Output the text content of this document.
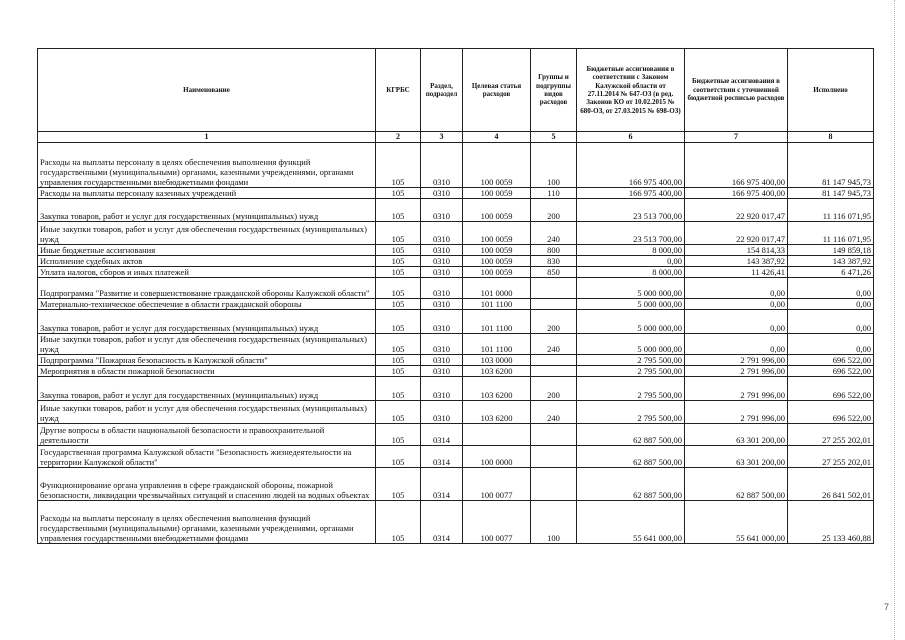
Наименование	КГРБС	Раздел, подраздел	Целевая статья расходов	Группы и подгруппы видов расходов	Бюджетные ассигнования в соответствии с Законом Калужской области от 27.11.2014 № 647-ОЗ (в ред. Законов КО от 10.02.2015 № 680-ОЗ, от 27.03.2015 № 698-ОЗ)	Бюджетные ассигнования в соответствии с уточненной бюджетной росписью расходов	Исполнено
1	2	3	4	5	6	7	8
Расходы на выплаты персоналу в целях обеспечения выполнения функций государственными (муниципальными) органами, казенными учреждениями, органами управления государственными внебюджетными фондами	105	0310	100 0059	100	166 975 400,00	166 975 400,00	81 147 945,73
Расходы на выплаты персоналу казенных учреждений	105	0310	100 0059	110	166 975 400,00	166 975 400,00	81 147 945,73
Закупка товаров, работ и услуг для государственных (муниципальных) нужд	105	0310	100 0059	200	23 513 700,00	22 920 017,47	11 116 071,95
Иные закупки товаров, работ и услуг для обеспечения государственных (муниципальных) нужд	105	0310	100 0059	240	23 513 700,00	22 920 017,47	11 116 071,95
Иные бюджетные ассигнования	105	0310	100 0059	800	8 000,00	154 814,33	149 859,18
Исполнение судебных актов	105	0310	100 0059	830	0,00	143 387,92	143 387,92
Уплата налогов, сборов и иных платежей	105	0310	100 0059	850	8 000,00	11 426,41	6 471,26
Подпрограмма "Развитие и совершенствование гражданской обороны Калужской области"	105	0310	101 0000		5 000 000,00	0,00	0,00
Материально-техническое обеспечение в области гражданской обороны	105	0310	101 1100		5 000 000,00	0,00	0,00
Закупка товаров, работ и услуг для государственных (муниципальных) нужд	105	0310	101 1100	200	5 000 000,00	0,00	0,00
Иные закупки товаров, работ и услуг для обеспечения государственных (муниципальных) нужд	105	0310	101 1100	240	5 000 000,00	0,00	0,00
Подпрограмма "Пожарная безопасность в Калужской области"	105	0310	103 0000		2 795 500,00	2 791 996,00	696 522,00
Мероприятия в области пожарной безопасности	105	0310	103 6200		2 795 500,00	2 791 996,00	696 522,00
Закупка товаров, работ и услуг для государственных (муниципальных) нужд	105	0310	103 6200	200	2 795 500,00	2 791 996,00	696 522,00
Иные закупки товаров, работ и услуг для обеспечения государственных (муниципальных) нужд	105	0310	103 6200	240	2 795 500,00	2 791 996,00	696 522,00
Другие вопросы в области национальной безопасности и правоохранительной деятельности	105	0314			62 887 500,00	63 301 200,00	27 255 202,01
Государственная программа Калужской области "Безопасность жизнедеятельности на территории Калужской области"	105	0314	100 0000		62 887 500,00	63 301 200,00	27 255 202,01
Функционирование органа управления в сфере гражданской обороны, пожарной безопасности, ликвидации чрезвычайных ситуаций и спасению людей на водных объектах	105	0314	100 0077		62 887 500,00	62 887 500,00	26 841 502,01
Расходы на выплаты персоналу в целях обеспечения выполнения функций государственными (муниципальными) органами, казенными учреждениями, органами управления государственными внебюджетными фондами	105	0314	100 0077	100	55 641 000,00	55 641 000,00	25 133 460,88
7
